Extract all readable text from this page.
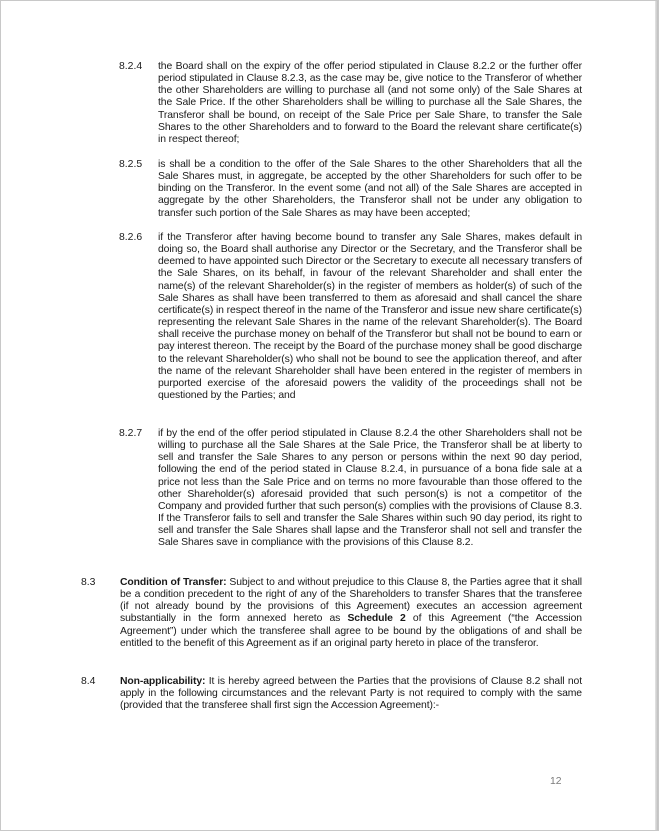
8.2.4 the Board shall on the expiry of the offer period stipulated in Clause 8.2.2 or the further offer period stipulated in Clause 8.2.3, as the case may be, give notice to the Transferor of whether the other Shareholders are willing to purchase all (and not some only) of the Sale Shares at the Sale Price. If the other Shareholders shall be willing to purchase all the Sale Shares, the Transferor shall be bound, on receipt of the Sale Price per Sale Share, to transfer the Sale Shares to the other Shareholders and to forward to the Board the relevant share certificate(s) in respect thereof;
8.2.5 is shall be a condition to the offer of the Sale Shares to the other Shareholders that all the Sale Shares must, in aggregate, be accepted by the other Shareholders for such offer to be binding on the Transferor. In the event some (and not all) of the Sale Shares are accepted in aggregate by the other Shareholders, the Transferor shall not be under any obligation to transfer such portion of the Sale Shares as may have been accepted;
8.2.6 if the Transferor after having become bound to transfer any Sale Shares, makes default in doing so, the Board shall authorise any Director or the Secretary, and the Transferor shall be deemed to have appointed such Director or the Secretary to execute all necessary transfers of the Sale Shares, on its behalf, in favour of the relevant Shareholder and shall enter the name(s) of the relevant Shareholder(s) in the register of members as holder(s) of such of the Sale Shares as shall have been transferred to them as aforesaid and shall cancel the share certificate(s) in respect thereof in the name of the Transferor and issue new share certificate(s) representing the relevant Sale Shares in the name of the relevant Shareholder(s). The Board shall receive the purchase money on behalf of the Transferor but shall not be bound to earn or pay interest thereon. The receipt by the Board of the purchase money shall be good discharge to the relevant Shareholder(s) who shall not be bound to see the application thereof, and after the name of the relevant Shareholder shall have been entered in the register of members in purported exercise of the aforesaid powers the validity of the proceedings shall not be questioned by the Parties; and
8.2.7 if by the end of the offer period stipulated in Clause 8.2.4 the other Shareholders shall not be willing to purchase all the Sale Shares at the Sale Price, the Transferor shall be at liberty to sell and transfer the Sale Shares to any person or persons within the next 90 day period, following the end of the period stated in Clause 8.2.4, in pursuance of a bona fide sale at a price not less than the Sale Price and on terms no more favourable than those offered to the other Shareholder(s) aforesaid provided that such person(s) is not a competitor of the Company and provided further that such person(s) complies with the provisions of Clause 8.3. If the Transferor fails to sell and transfer the Sale Shares within such 90 day period, its right to sell and transfer the Sale Shares shall lapse and the Transferor shall not sell and transfer the Sale Shares save in compliance with the provisions of this Clause 8.2.
8.3 Condition of Transfer: Subject to and without prejudice to this Clause 8, the Parties agree that it shall be a condition precedent to the right of any of the Shareholders to transfer Shares that the transferee (if not already bound by the provisions of this Agreement) executes an accession agreement substantially in the form annexed hereto as Schedule 2 of this Agreement (“the Accession Agreement”) under which the transferee shall agree to be bound by the obligations of and shall be entitled to the benefit of this Agreement as if an original party hereto in place of the transferor.
8.4 Non-applicability: It is hereby agreed between the Parties that the provisions of Clause 8.2 shall not apply in the following circumstances and the relevant Party is not required to comply with the same (provided that the transferee shall first sign the Accession Agreement):-
12
